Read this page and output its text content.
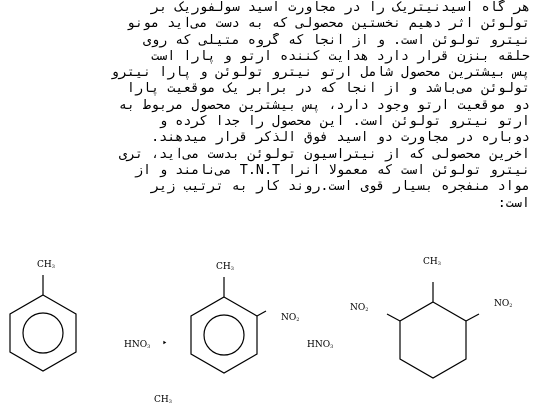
هر گاه اسیدنیتریک را در مجاورت اسید سولفوریک بر
تولوئن اثر دهیم نخستین محصولی که به دست می‌آید مونو
نیترو تولوئن است. و از آنجا که گروه متیلی که روی
حلقه بنزن قرار دارد هدایت کننده ارتو و پارا است
پس بیشترین محصول شامل ارتو نیترو تولوئن و پارا نیترو
تولوئن می‌باشد و از آنجا که در برابر یک موقعیت پارا
دو موقعیت ارتو وجود دارد، پس بیشترین محصول مربوط به
ارتو نیترو تولوئن است. این محصول را جدا کرده و
دوباره در مجاورت دو اسید فوق الذکر قرار میدهند.
آخرین محصولی که از نیتراسیون تولوئن بدست می‌آید، تری
نیترو تولوئن است که معمولا آنرا T.N.T می‌نامند و از
مواد منفجره بسیار قوی است.روند کار به ترتیب زیر
است:
$CH_3$
$HNO_3$ ‣
$CH_3$
$CH_3$
$NO_2$
$HNO_3$
$CH_3$
$NO_2$
$NO_2$
